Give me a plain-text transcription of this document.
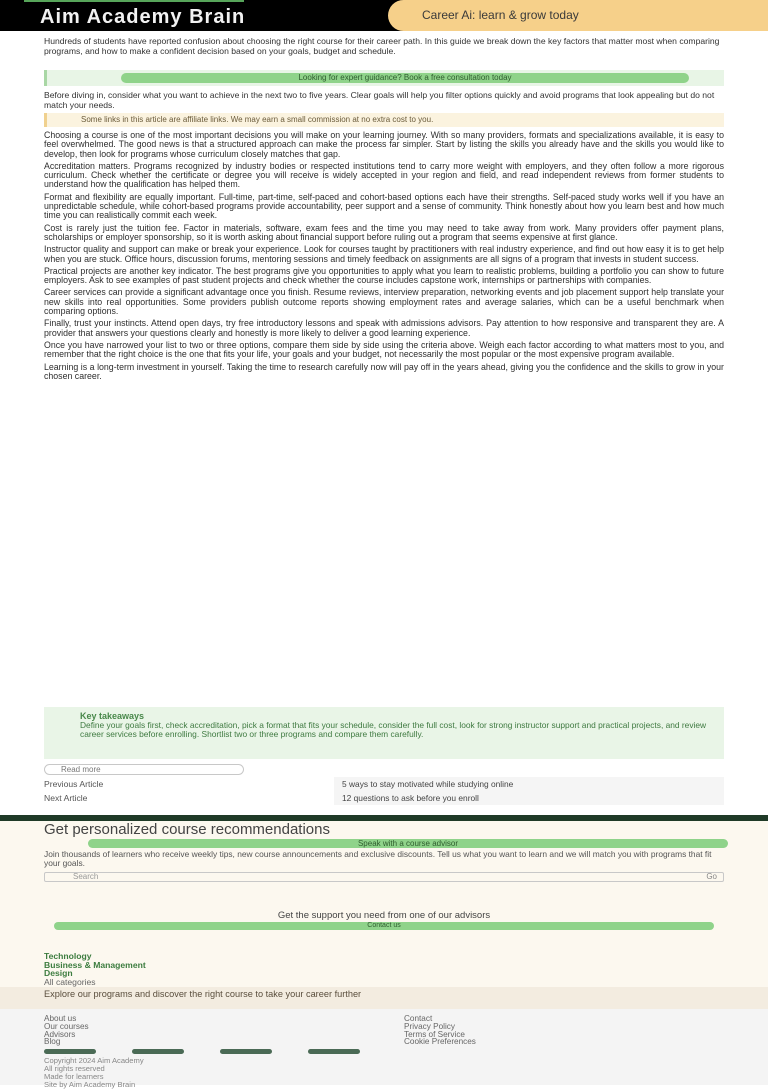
Aim Academy Brain	Career Ai: learn & grow today

Hundreds of students have reported confusion about choosing the right course for their career path. In this guide we break down the key factors that matter most when comparing programs, and how to make a confident decision based on your goals, budget and schedule.

Looking for expert guidance? Book a free consultation today

Before diving in, consider what you want to achieve in the next two to five years. Clear goals will help you filter options quickly and avoid programs that look appealing but do not match your needs.

Some links in this article are affiliate links. We may earn a small commission at no extra cost to you.

Choosing a course is one of the most important decisions you will make on your learning journey. With so many providers, formats and specializations available, it is easy to feel overwhelmed. The good news is that a structured approach can make the process far simpler. Start by listing the skills you already have and the skills you would like to develop, then look for programs whose curriculum closely matches that gap.

Accreditation matters. Programs recognized by industry bodies or respected institutions tend to carry more weight with employers, and they often follow a more rigorous curriculum. Check whether the certificate or degree you will receive is widely accepted in your region and field, and read independent reviews from former students to understand how the qualification has helped them.

Format and flexibility are equally important. Full-time, part-time, self-paced and cohort-based options each have their strengths. Self-paced study works well if you have an unpredictable schedule, while cohort-based programs provide accountability, peer support and a sense of community. Think honestly about how you learn best and how much time you can realistically commit each week.

Cost is rarely just the tuition fee. Factor in materials, software, exam fees and the time you may need to take away from work. Many providers offer payment plans, scholarships or employer sponsorship, so it is worth asking about financial support before ruling out a program that seems expensive at first glance.

Instructor quality and support can make or break your experience. Look for courses taught by practitioners with real industry experience, and find out how easy it is to get help when you are stuck. Office hours, discussion forums, mentoring sessions and timely feedback on assignments are all signs of a program that invests in student success.

Practical projects are another key indicator. The best programs give you opportunities to apply what you learn to realistic problems, building a portfolio you can show to future employers. Ask to see examples of past student projects and check whether the course includes capstone work, internships or partnerships with companies.

Career services can provide a significant advantage once you finish. Resume reviews, interview preparation, networking events and job placement support help translate your new skills into real opportunities. Some providers publish outcome reports showing employment rates and average salaries, which can be a useful benchmark when comparing options.

Finally, trust your instincts. Attend open days, try free introductory lessons and speak with admissions advisors. Pay attention to how responsive and transparent they are. A provider that answers your questions clearly and honestly is more likely to deliver a good learning experience.

Once you have narrowed your list to two or three options, compare them side by side using the criteria above. Weigh each factor according to what matters most to you, and remember that the right choice is the one that fits your life, your goals and your budget, not necessarily the most popular or the most expensive program available.

Learning is a long-term investment in yourself. Taking the time to research carefully now will pay off in the years ahead, giving you the confidence and the skills to grow in your chosen career.

Key takeaways
Define your goals first, check accreditation, pick a format that fits your schedule, consider the full cost, look for strong instructor support and practical projects, and review career services before enrolling. Shortlist two or three programs and compare them carefully.
Read more
Previous Article	5 ways to stay motivated while studying online
Next Article	12 questions to ask before you enroll
Get personalized course recommendations
Speak with a course advisor

Join thousands of learners who receive weekly tips, new course announcements and exclusive discounts. Tell us what you want to learn and we will match you with programs that fit your goals.

Search	Go
Get the support you need from one of our advisors
Contact us
Technology
Business & Management
Design
All categories
Explore our programs and discover the right course to take your career further
About us
Our courses
Advisors
Blog
Contact
Privacy Policy
Terms of Service
Cookie Preferences
Copyright 2024 Aim Academy
All rights reserved
Made for learners
Site by Aim Academy Brain
